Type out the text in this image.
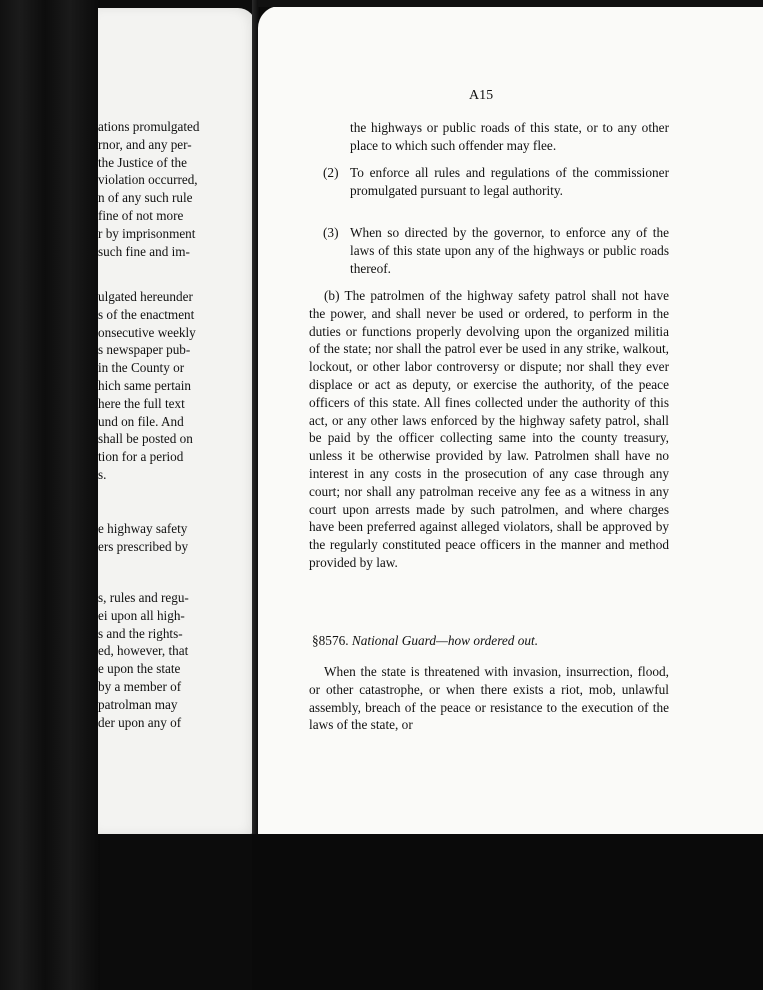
ations promulgated
rnor, and any per-
the Justice of the
violation occurred,
n of any such rule
fine of not more
r by imprisonment
such fine and im-
ulgated hereunder
s of the enactment
onsecutive weekly
s newspaper pub-
in the County or
hich same pertain
here the full text
und on file. And
shall be posted on
tion for a period
s.
e highway safety
ers prescribed by
s, rules and regu-
ei upon all high-
s and the rights-
ed, however, that
e upon the state
by a member of
patrolman may
der upon any of
A15

the highways or public roads of this state, or to any other place to which such offender may flee.

(2) To enforce all rules and regulations of the commissioner promulgated pursuant to legal authority.
(3) When so directed by the governor, to enforce any of the laws of this state upon any of the highways or public roads thereof.

(b) The patrolmen of the highway safety patrol shall not have the power, and shall never be used or ordered, to perform in the duties or functions properly devolving upon the organized militia of the state; nor shall the patrol ever be used in any strike, walkout, lockout, or other labor controversy or dispute; nor shall they ever displace or act as deputy, or exercise the authority, of the peace officers of this state. All fines collected under the authority of this act, or any other laws enforced by the highway safety patrol, shall be paid by the officer collecting same into the county treasury, unless it be otherwise provided by law. Patrolmen shall have no interest in any costs in the prosecution of any case through any court; nor shall any patrolman receive any fee as a witness in any court upon arrests made by such patrolmen, and where charges have been preferred against alleged violators, shall be approved by the regularly constituted peace officers in the manner and method provided by law.

§8576. National Guard—how ordered out.

When the state is threatened with invasion, insurrection, flood, or other catastrophe, or when there exists a riot, mob, unlawful assembly, breach of the peace or resistance to the execution of the laws of the state, or
